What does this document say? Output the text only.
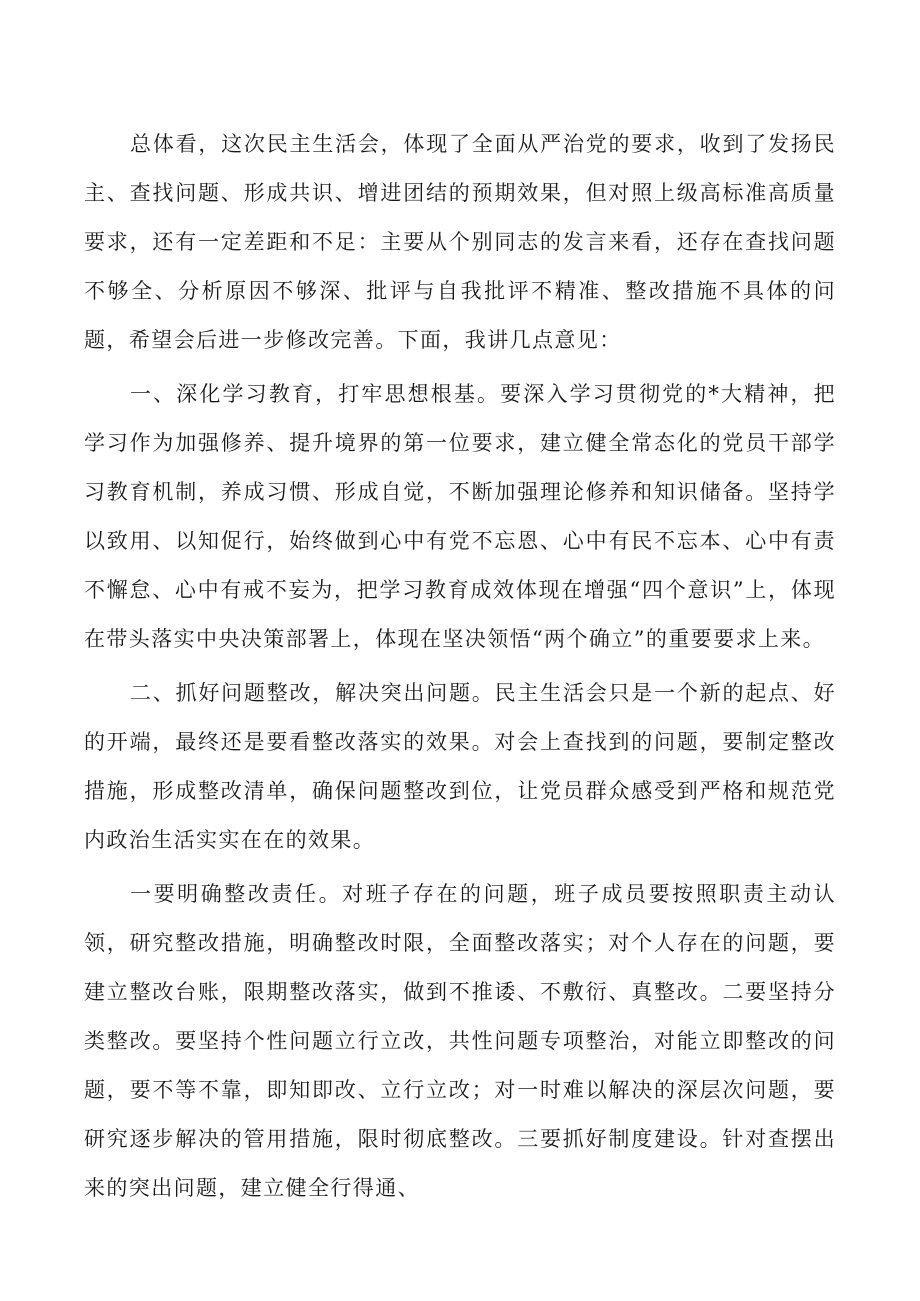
总体看，这次民主生活会，体现了全面从严治党的要求，收到了发扬民主、查找问题、形成共识、增进团结的预期效果，但对照上级高标准高质量要求，还有一定差距和不足：主要从个别同志的发言来看，还存在查找问题不够全、分析原因不够深、批评与自我批评不精准、整改措施不具体的问题，希望会后进一步修改完善。下面，我讲几点意见：

一、深化学习教育，打牢思想根基。要深入学习贯彻党的*大精神，把学习作为加强修养、提升境界的第一位要求，建立健全常态化的党员干部学习教育机制，养成习惯、形成自觉，不断加强理论修养和知识储备。坚持学以致用、以知促行，始终做到心中有党不忘恩、心中有民不忘本、心中有责不懈怠、心中有戒不妄为，把学习教育成效体现在增强“四个意识”上，体现在带头落实中央决策部署上，体现在坚决领悟“两个确立”的重要要求上来。

二、抓好问题整改，解决突出问题。民主生活会只是一个新的起点、好的开端，最终还是要看整改落实的效果。对会上查找到的问题，要制定整改措施，形成整改清单，确保问题整改到位，让党员群众感受到严格和规范党内政治生活实实在在的效果。

一要明确整改责任。对班子存在的问题，班子成员要按照职责主动认领，研究整改措施，明确整改时限，全面整改落实；对个人存在的问题，要建立整改台账，限期整改落实，做到不推诿、不敷衍、真整改。二要坚持分类整改。要坚持个性问题立行立改，共性问题专项整治，对能立即整改的问题，要不等不靠，即知即改、立行立改；对一时难以解决的深层次问题，要研究逐步解决的管用措施，限时彻底整改。三要抓好制度建设。针对查摆出来的突出问题，建立健全行得通、
